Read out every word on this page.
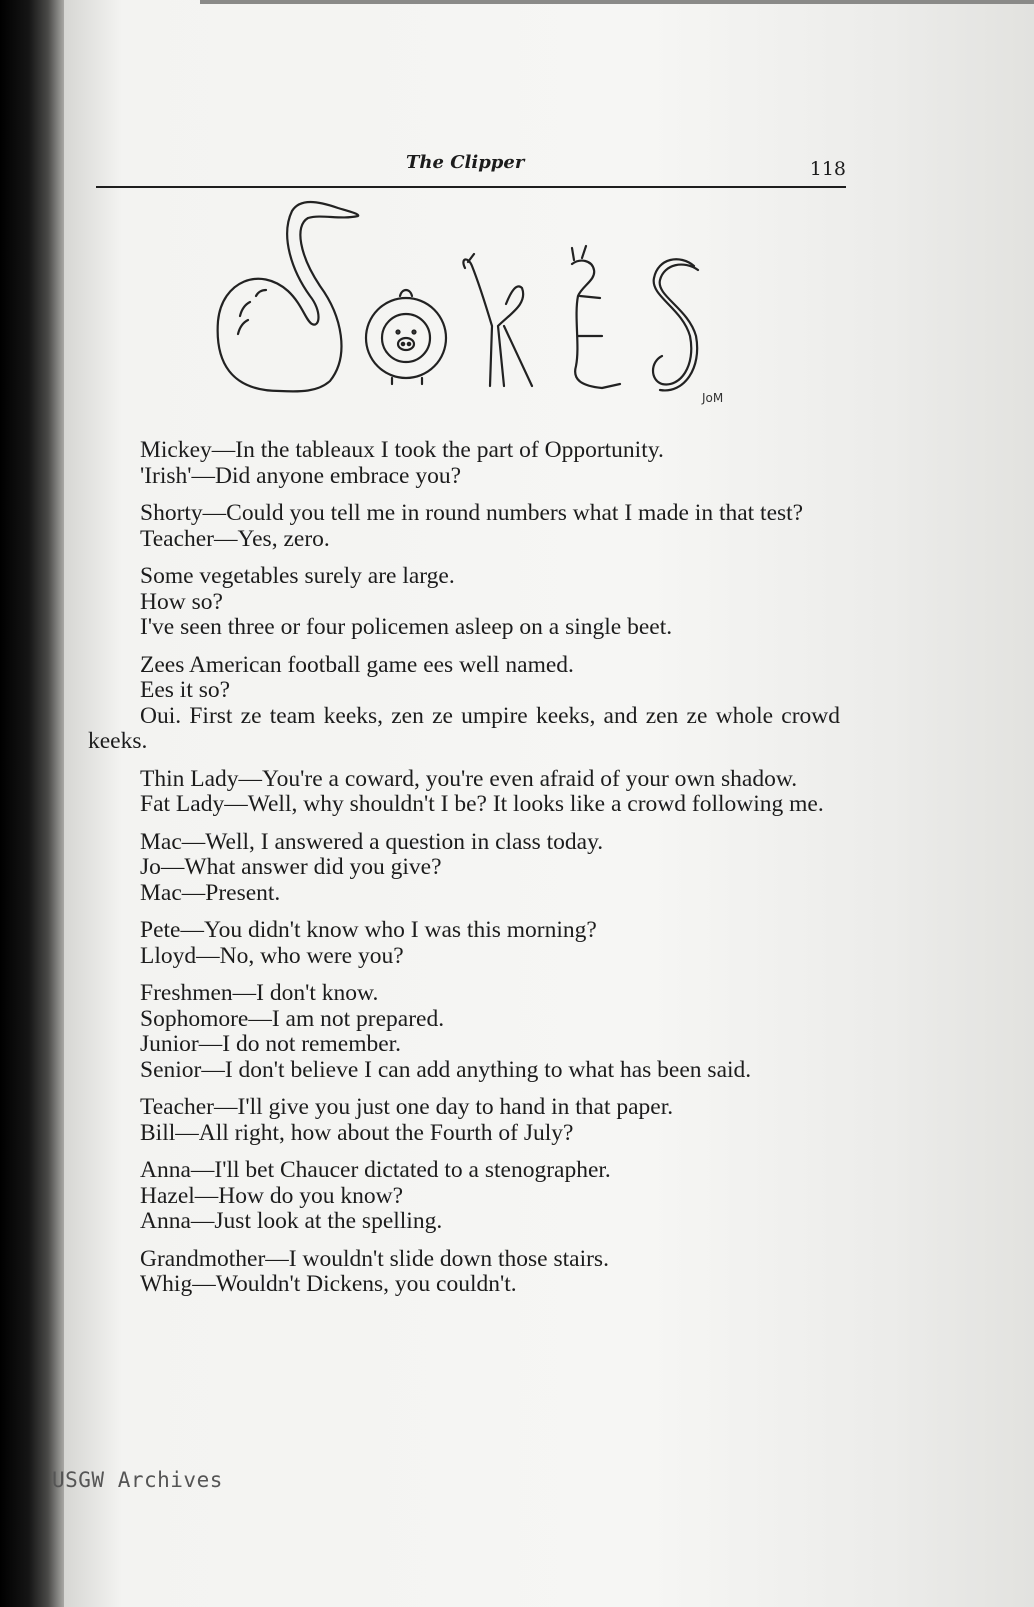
The Clipper	118
JoM
Mickey—In the tableaux I took the part of Opportunity.
'Irish'—Did anyone embrace you?
Shorty—Could you tell me in round numbers what I made in that test?
Teacher—Yes, zero.
Some vegetables surely are large.
How so?
I've seen three or four policemen asleep on a single beet.
Zees American football game ees well named.
Ees it so?
Oui. First ze team keeks, zen ze umpire keeks, and zen ze whole crowd keeks.
Thin Lady—You're a coward, you're even afraid of your own shadow.
Fat Lady—Well, why shouldn't I be? It looks like a crowd following me.
Mac—Well, I answered a question in class today.
Jo—What answer did you give?
Mac—Present.
Pete—You didn't know who I was this morning?
Lloyd—No, who were you?
Freshmen—I don't know.
Sophomore—I am not prepared.
Junior—I do not remember.
Senior—I don't believe I can add anything to what has been said.
Teacher—I'll give you just one day to hand in that paper.
Bill—All right, how about the Fourth of July?
Anna—I'll bet Chaucer dictated to a stenographer.
Hazel—How do you know?
Anna—Just look at the spelling.
Grandmother—I wouldn't slide down those stairs.
Whig—Wouldn't Dickens, you couldn't.
USGW Archives
